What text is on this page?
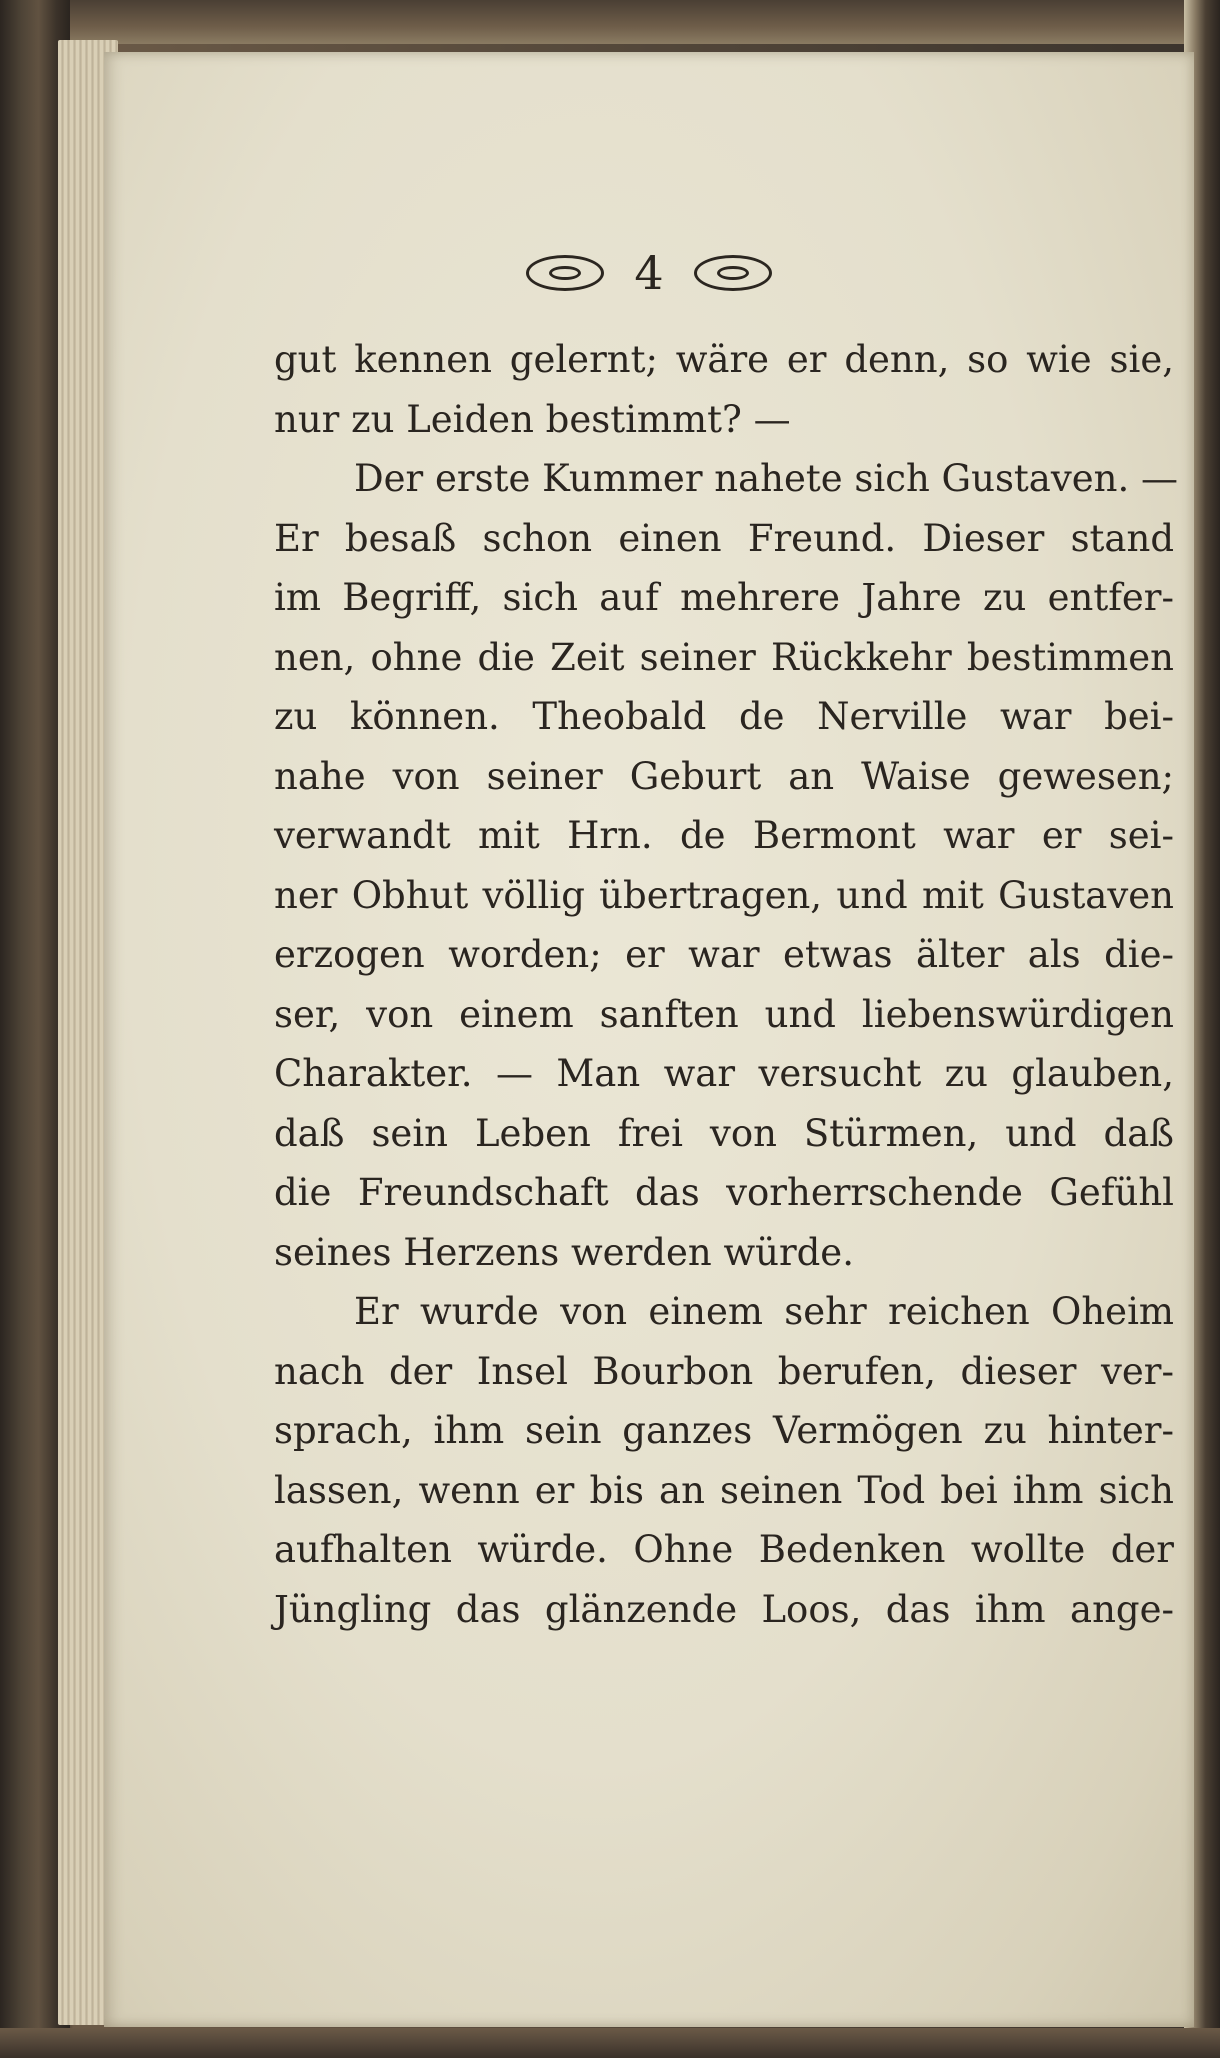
4
gut kennen gelernt; wäre er denn, so wie sie,
nur zu Leiden bestimmt? —
Der erste Kummer nahete sich Gustaven. —
Er besaß schon einen Freund. Dieser stand
im Begriff, sich auf mehrere Jahre zu entfer-
nen, ohne die Zeit seiner Rückkehr bestimmen
zu können. Theobald de Nerville war bei-
nahe von seiner Geburt an Waise gewesen;
verwandt mit Hrn. de Bermont war er sei-
ner Obhut völlig übertragen, und mit Gustaven
erzogen worden; er war etwas älter als die-
ser, von einem sanften und liebenswürdigen
Charakter. — Man war versucht zu glauben,
daß sein Leben frei von Stürmen, und daß
die Freundschaft das vorherrschende Gefühl
seines Herzens werden würde.
Er wurde von einem sehr reichen Oheim
nach der Insel Bourbon berufen, dieser ver-
sprach, ihm sein ganzes Vermögen zu hinter-
lassen, wenn er bis an seinen Tod bei ihm sich
aufhalten würde. Ohne Bedenken wollte der
Jüngling das glänzende Loos, das ihm ange-
